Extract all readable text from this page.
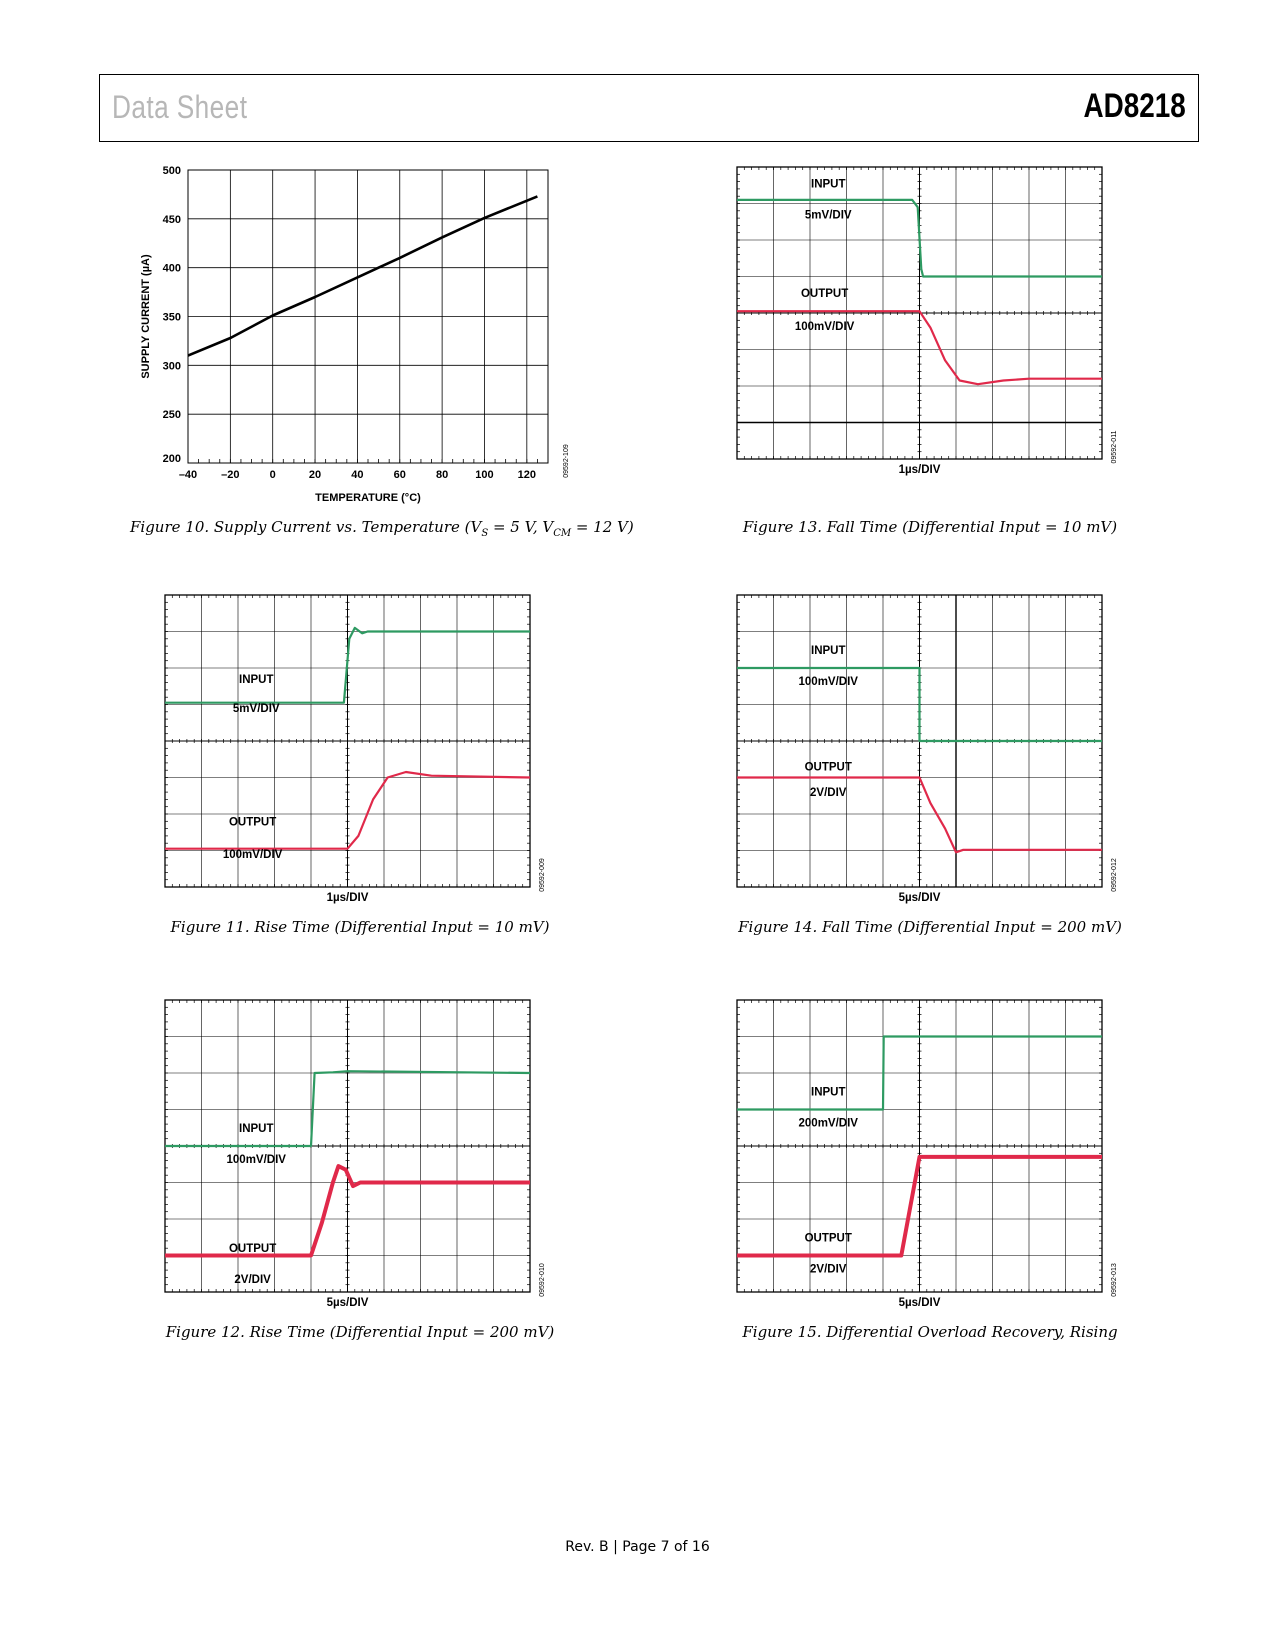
Data Sheet	AD8218
–40 –20	0	20	40	60	80 100 120
200
250
300
350
400
450
500
TEMPERATURE (°C)
SUPPLY CURRENT (µA)
09592-109
Figure 10. Supply Current vs. Temperature ($V_S = 5$ V, $V_{CM} = 12$ V)
INPUT
5mV/DIV
OUTPUT
100mV/DIV
1µs/DIV
09592-011
Figure 13. Fall Time (Differential Input = 10 mV)
INPUT
5mV/DIV
OUTPUT
100mV/DIV
1µs/DIV
09592-009
Figure 11. Rise Time (Differential Input = 10 mV)
INPUT
100mV/DIV
OUTPUT
2V/DIV
5µs/DIV
09592-012
Figure 14. Fall Time (Differential Input = 200 mV)
INPUT
100mV/DIV
OUTPUT
2V/DIV
5µs/DIV
09592-010
Figure 12. Rise Time (Differential Input = 200 mV)
INPUT
200mV/DIV
OUTPUT
2V/DIV
5µs/DIV
09592-013
Figure 15. Differential Overload Recovery, Rising
Rev. B | Page 7 of 16
